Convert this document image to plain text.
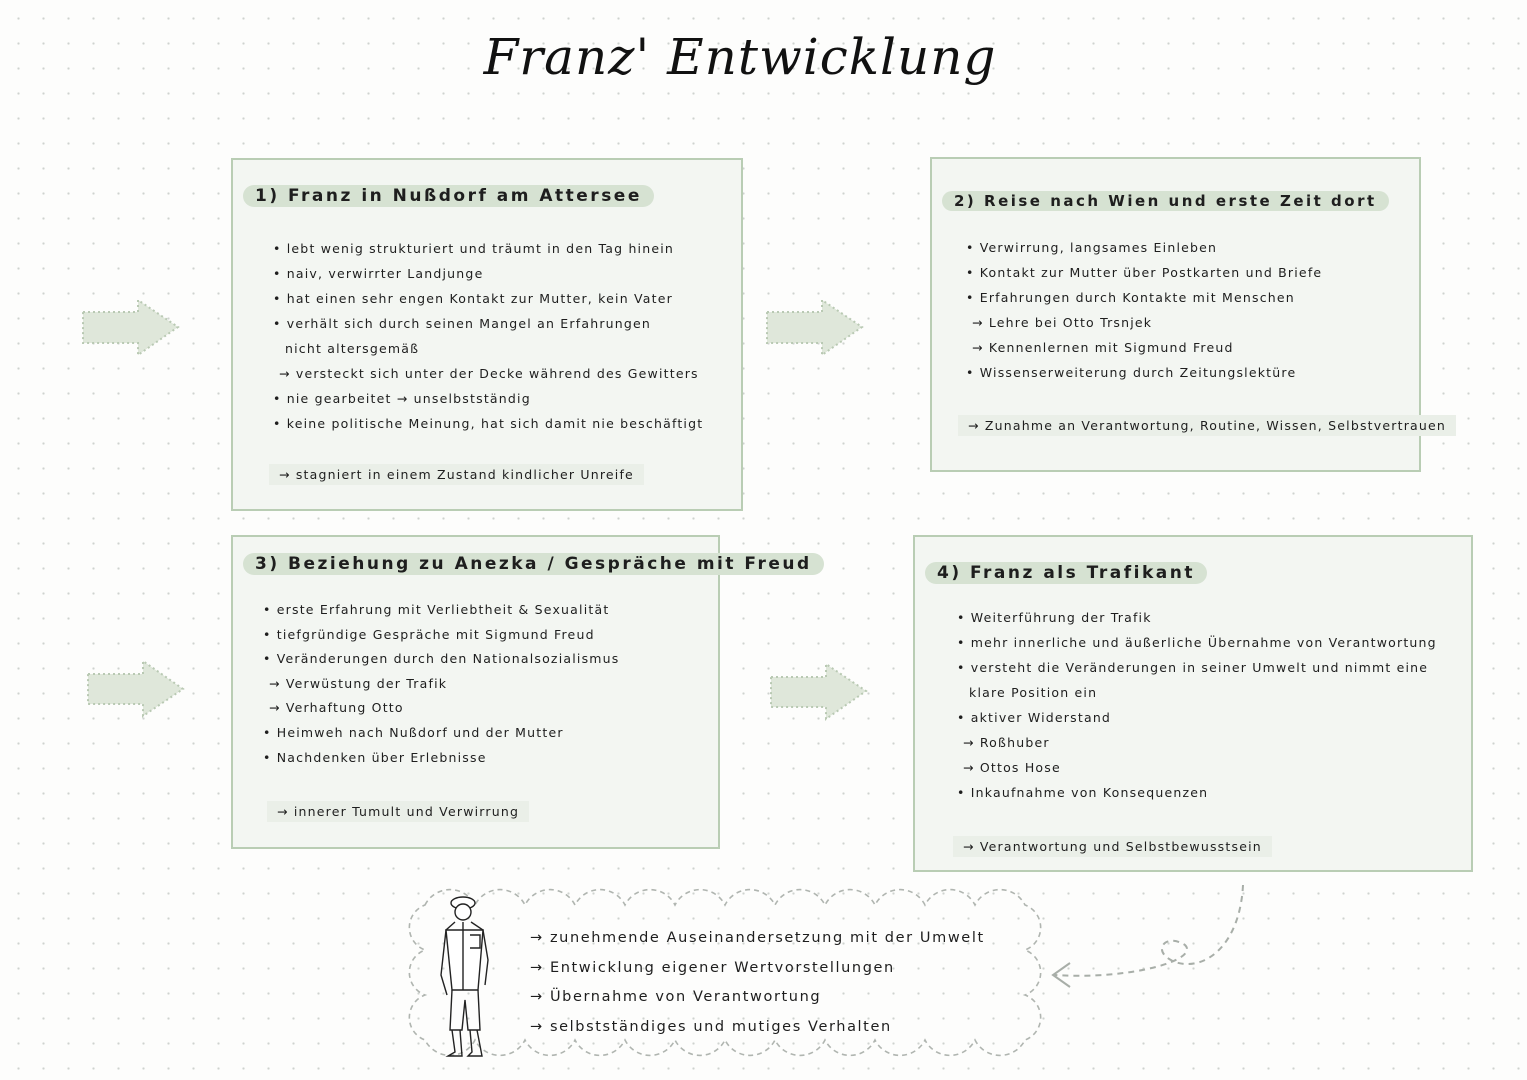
Franz' Entwicklung
1) Franz in Nußdorf am Attersee
• lebt wenig strukturiert und träumt in den Tag hinein
• naiv, verwirrter Landjunge
• hat einen sehr engen Kontakt zur Mutter, kein Vater
• verhält sich durch seinen Mangel an Erfahrungen
nicht altersgemäß
→ versteckt sich unter der Decke während des Gewitters
• nie gearbeitet → unselbstständig
• keine politische Meinung, hat sich damit nie beschäftigt
→ stagniert in einem Zustand kindlicher Unreife
2) Reise nach Wien und erste Zeit dort
• Verwirrung, langsames Einleben
• Kontakt zur Mutter über Postkarten und Briefe
• Erfahrungen durch Kontakte mit Menschen
→ Lehre bei Otto Trsnjek
→ Kennenlernen mit Sigmund Freud
• Wissenserweiterung durch Zeitungslektüre
→ Zunahme an Verantwortung, Routine, Wissen, Selbstvertrauen
3) Beziehung zu Anezka / Gespräche mit Freud
• erste Erfahrung mit Verliebtheit & Sexualität
• tiefgründige Gespräche mit Sigmund Freud
• Veränderungen durch den Nationalsozialismus
→ Verwüstung der Trafik
→ Verhaftung Otto
• Heimweh nach Nußdorf und der Mutter
• Nachdenken über Erlebnisse
→ innerer Tumult und Verwirrung
4) Franz als Trafikant
• Weiterführung der Trafik
• mehr innerliche und äußerliche Übernahme von Verantwortung
• versteht die Veränderungen in seiner Umwelt und nimmt eine
klare Position ein
• aktiver Widerstand
→ Roßhuber
→ Ottos Hose
• Inkaufnahme von Konsequenzen
→ Verantwortung und Selbstbewusstsein
→ zunehmende Auseinandersetzung mit der Umwelt
→ Entwicklung eigener Wertvorstellungen
→ Übernahme von Verantwortung
→ selbstständiges und mutiges Verhalten
